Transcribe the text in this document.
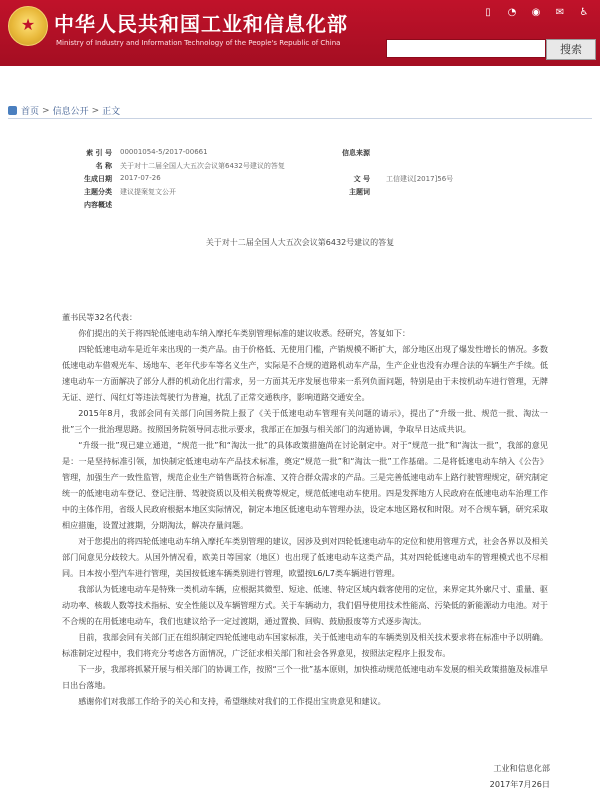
★ 中华人民共和国工业和信息化部
Ministry of Industry and Information Technology of the People's Republic of China
▯	◔	◉	✉	♿
搜索
首页 > 信息公开 > 正文
索 引 号 00001054-5/2017-00661	信息来源
名 称 关于对十二届全国人大五次会议第6432号建议的答复
生成日期 2017-07-26	文 号 工信建议[2017]56号
主题分类 建议提案复文公开	主题词
内容概述
关于对十二届全国人大五次会议第6432号建议的答复

董书民等32名代表：

你们提出的关于将四轮低速电动车纳入摩托车类别管理标准的建议收悉。经研究，答复如下：

四轮低速电动车是近年来出现的一类产品。由于价格低、无使用门槛，产销规模不断扩大，部分地区出现了爆发性增长的情况。多数低速电动车借观光车、场地车、老年代步车等名义生产，实际是不合规的道路机动车产品，生产企业也没有办理合法的车辆生产手续。低速电动车一方面解决了部分人群的机动化出行需求，另一方面其无序发展也带来一系列负面问题，特别是由于未按机动车进行管理，无牌无证、逆行、闯红灯等违法驾驶行为普遍，扰乱了正常交通秩序，影响道路交通安全。

2015年8月，我部会同有关部门向国务院上报了《关于低速电动车管理有关问题的请示》，提出了“升级一批、规范一批、淘汰一批”三个一批治理思路。按照国务院领导同志批示要求，我部正在加强与相关部门的沟通协调，争取早日达成共识。

“升级一批”现已建立通道，“规范一批”和“淘汰一批”的具体政策措施尚在讨论制定中。对于“规范一批”和“淘汰一批”，我部的意见是：一是坚持标准引领，加快制定低速电动车产品技术标准，奠定“规范一批”和“淘汰一批”工作基础。二是将低速电动车纳入《公告》管理，加强生产一致性监管，规范企业生产销售既符合标准、又符合群众需求的产品。三是完善低速电动车上路行驶管理规定，研究制定统一的低速电动车登记、登记注册、驾驶资质以及相关税费等规定，规范低速电动车使用。四是发挥地方人民政府在低速电动车治理工作中的主体作用，省级人民政府根据本地区实际情况，制定本地区低速电动车管理办法，设定本地区路权和时限。对不合规车辆，研究采取相应措施，设置过渡期，分期淘汰，解决存量问题。

对于您提出的将四轮低速电动车纳入摩托车类别管理的建议，因涉及到对四轮低速电动车的定位和使用管理方式，社会各界以及相关部门间意见分歧较大。从国外情况看，欧美日等国家（地区）也出现了低速电动车这类产品，其对四轮低速电动车的管理模式也不尽相同。日本按小型汽车进行管理，美国按低速车辆类别进行管理，欧盟按L6/L7类车辆进行管理。

我部认为低速电动车是特殊一类机动车辆，应根据其微型、短途、低速、特定区域内载客使用的定位，来界定其外廓尺寸、重量、驱动功率、核载人数等技术指标、安全性能以及车辆管理方式。关于车辆动力，我们倡导使用技术性能高、污染低的新能源动力电池。对于不合规的在用低速电动车，我们也建议给予一定过渡期，通过置换、回购、鼓励报废等方式逐步淘汰。

目前，我部会同有关部门正在组织制定四轮低速电动车国家标准，关于低速电动车的车辆类别及相关技术要求将在标准中予以明确。标准制定过程中，我们将充分考虑各方面情况，广泛征求相关部门和社会各界意见，按照法定程序上报发布。

下一步，我部将抓紧开展与相关部门的协调工作，按照“三个一批”基本原则，加快推动规范低速电动车发展的相关政策措施及标准早日出台落地。

感谢你们对我部工作给予的关心和支持，希望继续对我们的工作提出宝贵意见和建议。

工业和信息化部
2017年7月26日
